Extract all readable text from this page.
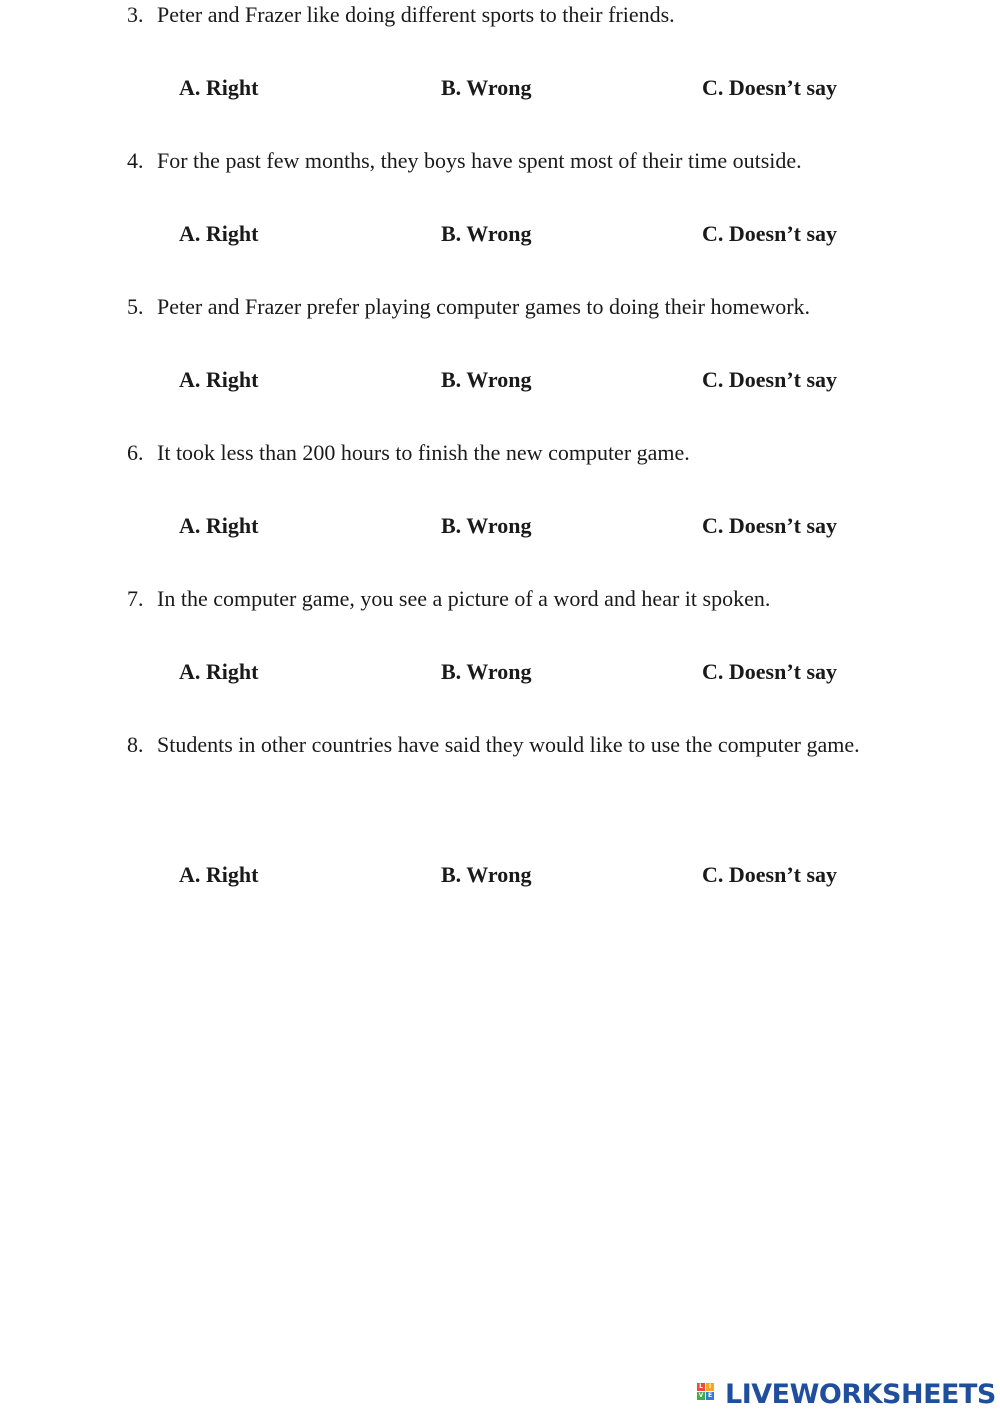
3. Peter and Frazer like doing different sports to their friends.
A. Right	B. Wrong	C. Doesn’t say
4. For the past few months, they boys have spent most of their time outside.
A. Right	B. Wrong	C. Doesn’t say
5. Peter and Frazer prefer playing computer games to doing their homework.
A. Right	B. Wrong	C. Doesn’t say
6. It took less than 200 hours to finish the new computer game.
A. Right	B. Wrong	C. Doesn’t say
7. In the computer game, you see a picture of a word and hear it spoken.
A. Right	B. Wrong	C. Doesn’t say
8. Students in other countries have said they would like to use the computer game.
A. Right	B. Wrong	C. Doesn’t say
L I
V E LIVEWORKSHEETS
